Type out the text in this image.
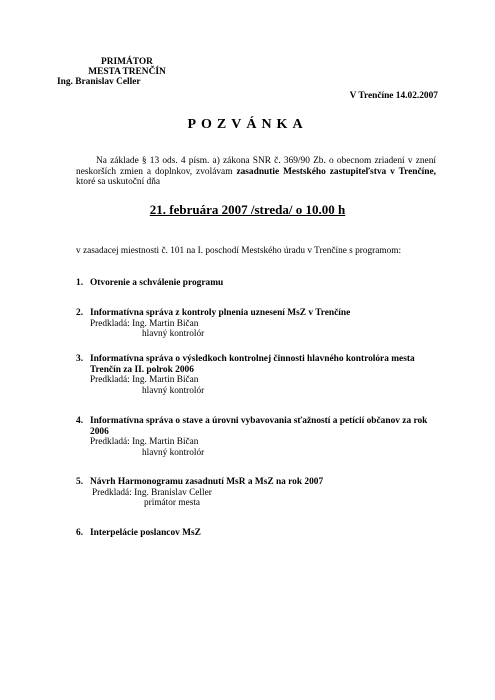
PRIMÁTOR
MESTA TRENČÍN
Ing. Branislav Celler
V Trenčíne 14.02.2007
POZVÁNKA
Na základe § 13 ods. 4 písm. a) zákona SNR č. 369/90 Zb. o obecnom zriadení v znení neskorších zmien a doplnkov, zvolávam zasadnutie Mestského zastupiteľstva v Trenčíne, ktoré sa uskutoční dňa
21. februára 2007 /streda/ o 10.00 h
v zasadacej miestnosti č. 101 na I. poschodí Mestského úradu v Trenčíne s programom:
1. Otvorenie a schválenie programu
2. Informatívna správa z kontroly plnenia uznesení MsZ v Trenčíne
Predkladá: Ing. Martin Bičan
hlavný kontrolór
3. Informatívna správa o výsledkoch kontrolnej činnosti hlavného kontrolóra mesta Trenčín za II. polrok 2006
Predkladá: Ing. Martin Bičan
hlavný kontrolór
4. Informatívna správa o stave a úrovni vybavovania sťažností a petícií občanov za rok 2006
Predkladá: Ing. Martin Bičan
hlavný kontrolór
5. Návrh Harmonogramu zasadnutí MsR a MsZ na rok 2007
Predkladá: Ing. Branislav Celler
primátor mesta
6. Interpelácie poslancov MsZ
